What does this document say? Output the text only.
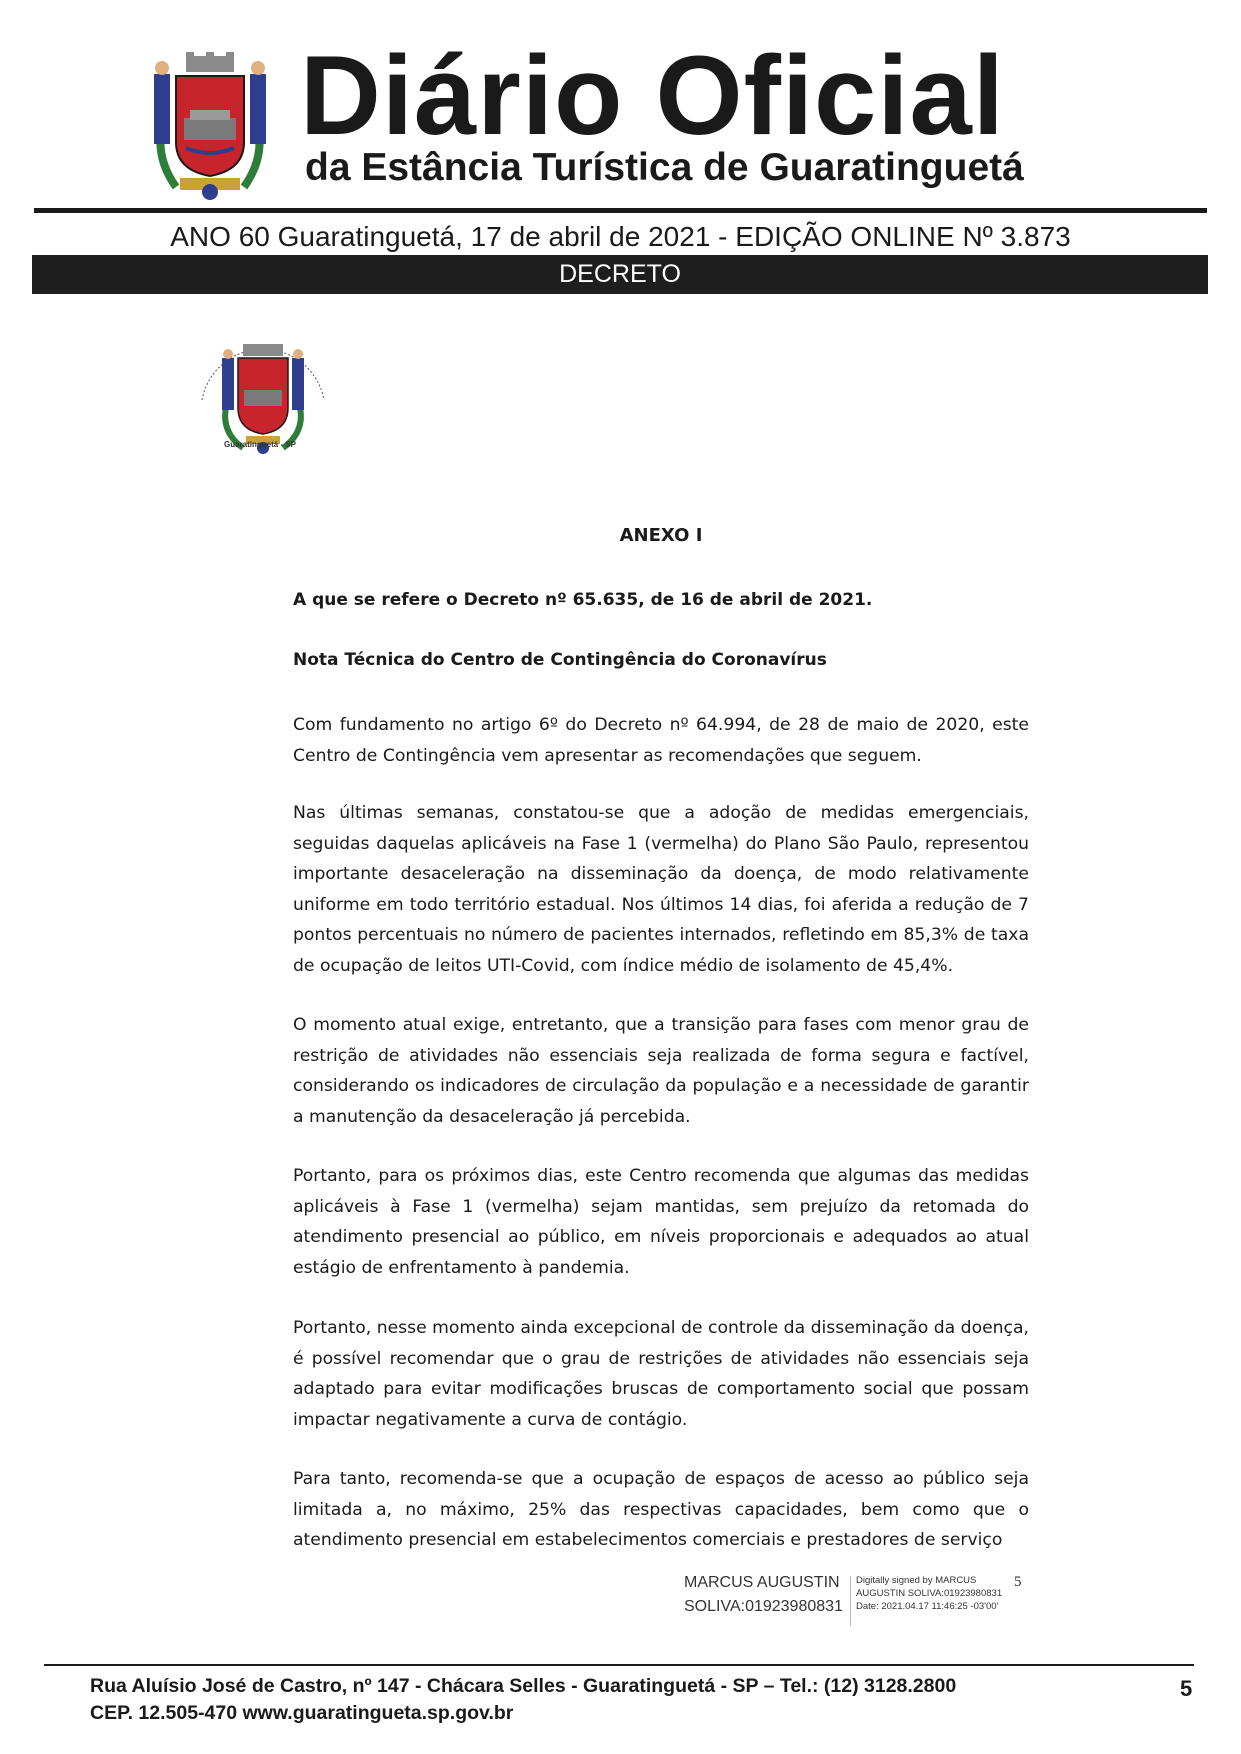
Diário Oficial
da Estância Turística de Guaratinguetá
ANO 60 Guaratinguetá, 17 de abril de 2021 - EDIÇÃO ONLINE Nº 3.873
DECRETO
Guaratinguetá - SP
ANEXO I
A que se refere o Decreto nº 65.635, de 16 de abril de 2021.
Nota Técnica do Centro de Contingência do Coronavírus
Com fundamento no artigo 6º do Decreto nº 64.994, de 28 de maio de 2020, este Centro de Contingência vem apresentar as recomendações que seguem.
Nas últimas semanas, constatou-se que a adoção de medidas emergenciais, seguidas daquelas aplicáveis na Fase 1 (vermelha) do Plano São Paulo, representou importante desaceleração na disseminação da doença, de modo relativamente uniforme em todo território estadual. Nos últimos 14 dias, foi aferida a redução de 7 pontos percentuais no número de pacientes internados, refletindo em 85,3% de taxa de ocupação de leitos UTI-Covid, com índice médio de isolamento de 45,4%.
O momento atual exige, entretanto, que a transição para fases com menor grau de restrição de atividades não essenciais seja realizada de forma segura e factível, considerando os indicadores de circulação da população e a necessidade de garantir a manutenção da desaceleração já percebida.
Portanto, para os próximos dias, este Centro recomenda que algumas das medidas aplicáveis à Fase 1 (vermelha) sejam mantidas, sem prejuízo da retomada do atendimento presencial ao público, em níveis proporcionais e adequados ao atual estágio de enfrentamento à pandemia.
Portanto, nesse momento ainda excepcional de controle da disseminação da doença, é possível recomendar que o grau de restrições de atividades não essenciais seja adaptado para evitar modificações bruscas de comportamento social que possam impactar negativamente a curva de contágio.
Para tanto, recomenda-se que a ocupação de espaços de acesso ao público seja limitada a, no máximo, 25% das respectivas capacidades, bem como que o atendimento presencial em estabelecimentos comerciais e prestadores de serviço
MARCUS AUGUSTIN
SOLIVA:01923980831
Digitally signed by MARCUS
AUGUSTIN SOLIVA:01923980831
Date: 2021.04.17 11:46:25 -03'00'
5
Rua Aluísio José de Castro, nº 147 - Chácara Selles - Guaratinguetá - SP – Tel.: (12) 3128.2800
CEP. 12.505-470 www.guaratingueta.sp.gov.br
5
